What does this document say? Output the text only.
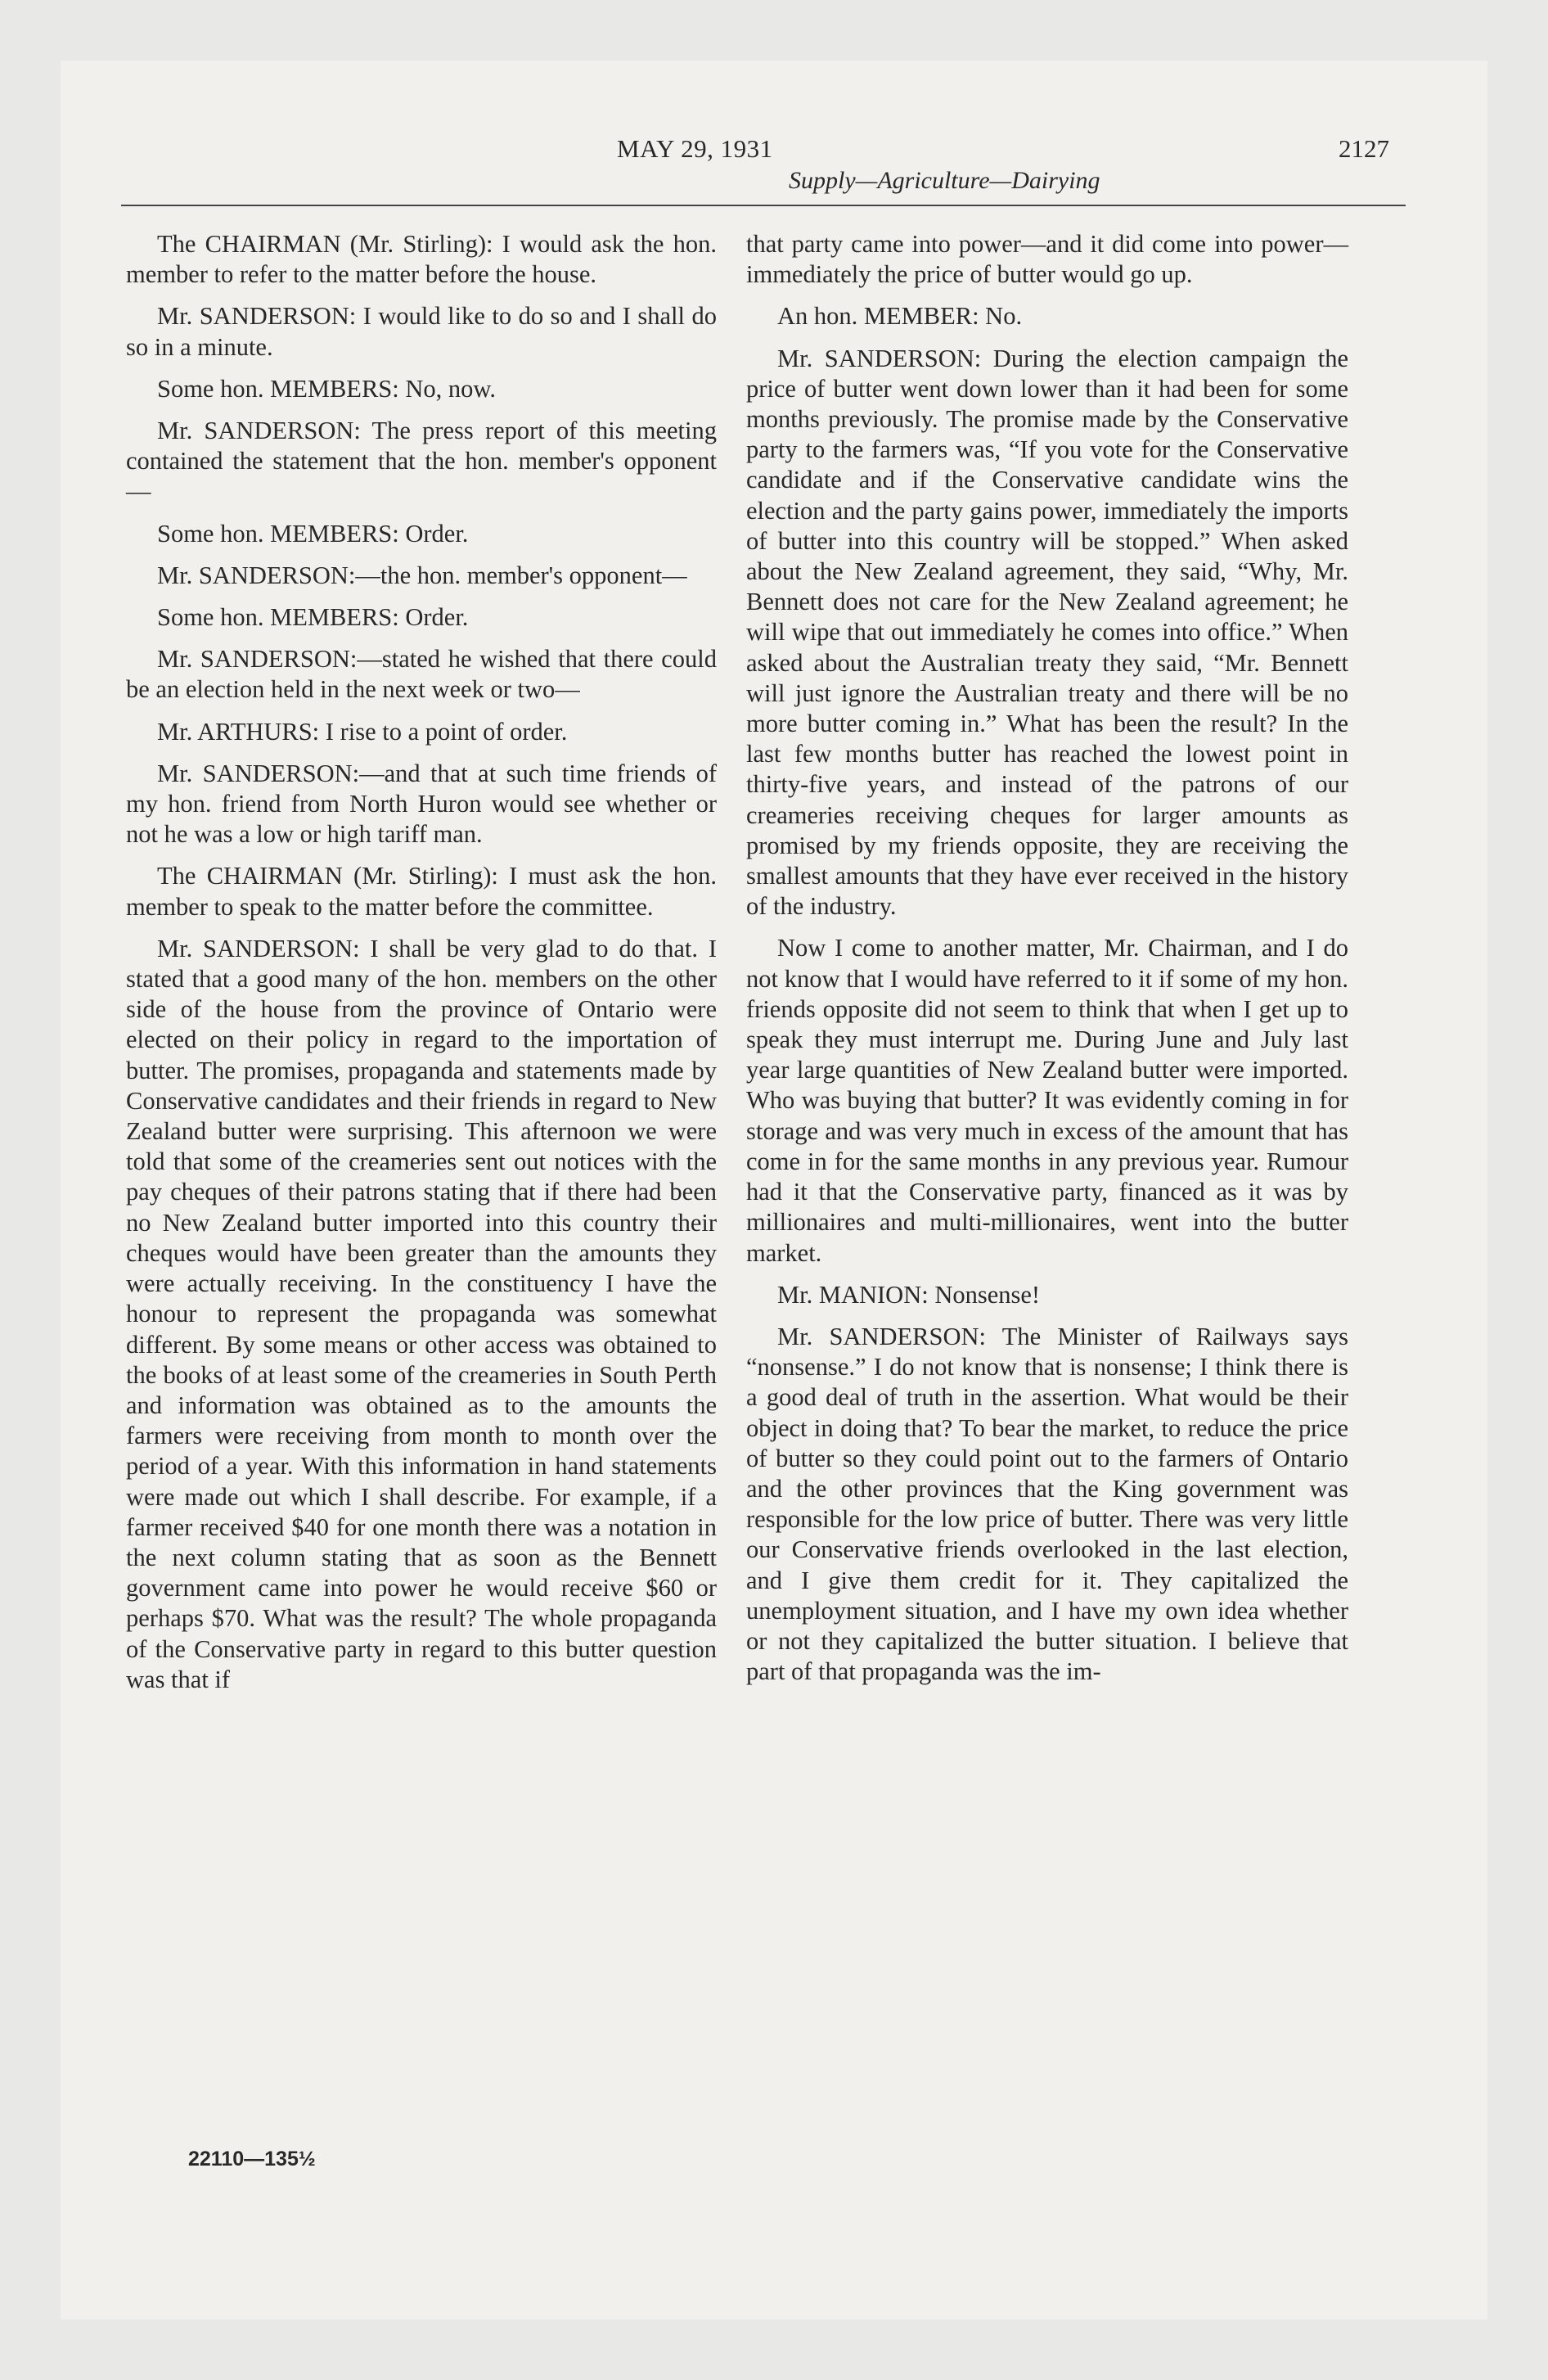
MAY 29, 1931	2127
Supply—Agriculture—Dairying

The CHAIRMAN (Mr. Stirling): I would ask the hon. member to refer to the matter before the house.

Mr. SANDERSON: I would like to do so and I shall do so in a minute.

Some hon. MEMBERS: No, now.

Mr. SANDERSON: The press report of this meeting contained the statement that the hon. member's opponent—

Some hon. MEMBERS: Order.

Mr. SANDERSON:—the hon. member's opponent—

Some hon. MEMBERS: Order.

Mr. SANDERSON:—stated he wished that there could be an election held in the next week or two—

Mr. ARTHURS: I rise to a point of order.

Mr. SANDERSON:—and that at such time friends of my hon. friend from North Huron would see whether or not he was a low or high tariff man.

The CHAIRMAN (Mr. Stirling): I must ask the hon. member to speak to the matter before the committee.

Mr. SANDERSON: I shall be very glad to do that. I stated that a good many of the hon. members on the other side of the house from the province of Ontario were elected on their policy in regard to the importation of butter. The promises, propaganda and statements made by Conservative candidates and their friends in regard to New Zealand butter were surprising. This afternoon we were told that some of the creameries sent out notices with the pay cheques of their patrons stating that if there had been no New Zealand butter imported into this country their cheques would have been greater than the amounts they were actually receiving. In the constituency I have the honour to represent the propaganda was somewhat different. By some means or other access was obtained to the books of at least some of the creameries in South Perth and information was obtained as to the amounts the farmers were receiving from month to month over the period of a year. With this information in hand statements were made out which I shall describe. For example, if a farmer received $40 for one month there was a notation in the next column stating that as soon as the Bennett government came into power he would receive $60 or perhaps $70. What was the result? The whole propaganda of the Conservative party in regard to this butter question was that if

that party came into power—and it did come into power—immediately the price of butter would go up.

An hon. MEMBER: No.

Mr. SANDERSON: During the election campaign the price of butter went down lower than it had been for some months previously. The promise made by the Conservative party to the farmers was, “If you vote for the Conservative candidate and if the Conservative candidate wins the election and the party gains power, immediately the imports of butter into this country will be stopped.” When asked about the New Zealand agreement, they said, “Why, Mr. Bennett does not care for the New Zealand agreement; he will wipe that out immediately he comes into office.” When asked about the Australian treaty they said, “Mr. Bennett will just ignore the Australian treaty and there will be no more butter coming in.” What has been the result? In the last few months butter has reached the lowest point in thirty-five years, and instead of the patrons of our creameries receiving cheques for larger amounts as promised by my friends opposite, they are receiving the smallest amounts that they have ever received in the history of the industry.

Now I come to another matter, Mr. Chairman, and I do not know that I would have referred to it if some of my hon. friends opposite did not seem to think that when I get up to speak they must interrupt me. During June and July last year large quantities of New Zealand butter were imported. Who was buying that butter? It was evidently coming in for storage and was very much in excess of the amount that has come in for the same months in any previous year. Rumour had it that the Conservative party, financed as it was by millionaires and multi-millionaires, went into the butter market.

Mr. MANION: Nonsense!

Mr. SANDERSON: The Minister of Railways says “nonsense.” I do not know that is nonsense; I think there is a good deal of truth in the assertion. What would be their object in doing that? To bear the market, to reduce the price of butter so they could point out to the farmers of Ontario and the other provinces that the King government was responsible for the low price of butter. There was very little our Conservative friends overlooked in the last election, and I give them credit for it. They capitalized the unemployment situation, and I have my own idea whether or not they capitalized the butter situation. I believe that part of that propaganda was the im-

22110—135½
